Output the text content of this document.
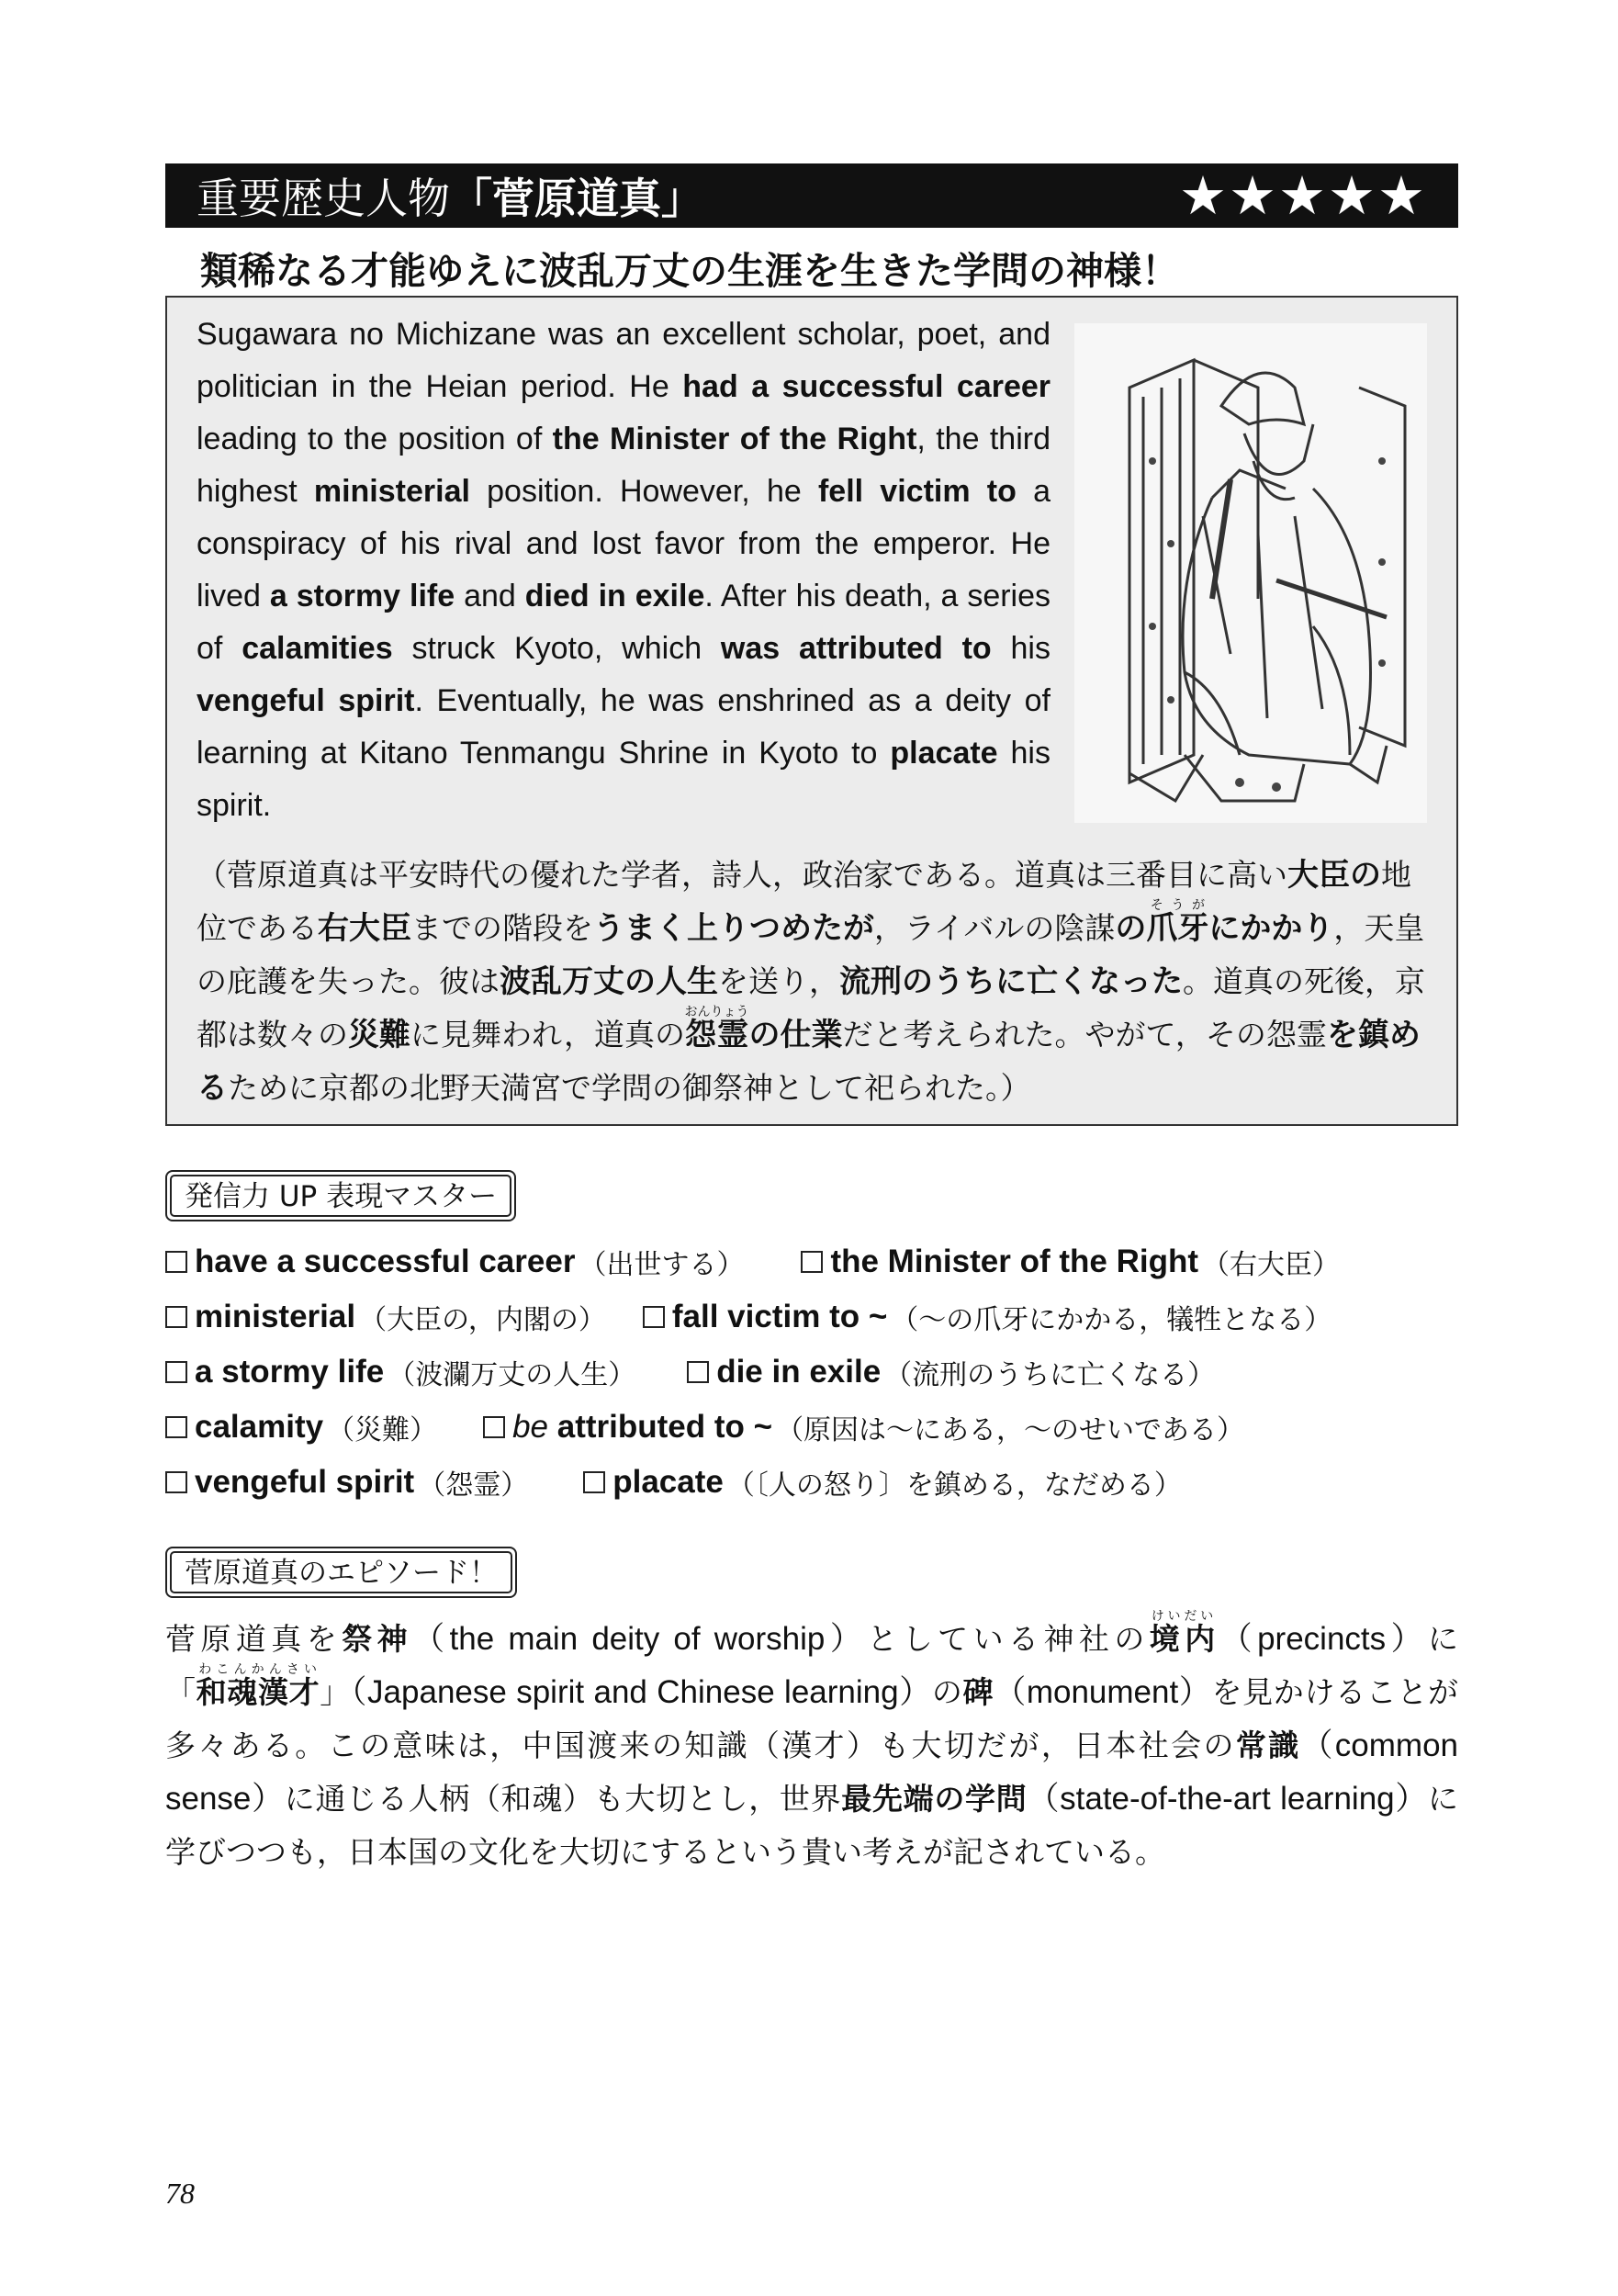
重要歴史人物「菅原道真」	★★★★★
類稀なる才能ゆえに波乱万丈の生涯を生きた学問の神様！

Sugawara no Michizane was an excellent scholar, poet, and politician in the Heian period. He had a successful career leading to the position of the Minister of the Right, the third highest ministerial position. However, he fell victim to a conspiracy of his rival and lost favor from the emperor. He lived a stormy life and died in exile. After his death, a series of calamities struck Kyoto, which was attributed to his vengeful spirit. Eventually, he was enshrined as a deity of learning at Kitano Tenmangu Shrine in Kyoto to placate his spirit.

（菅原道真は平安時代の優れた学者，詩人，政治家である。道真は三番目に高い大臣の地位である右大臣までの階段をうまく上りつめたが，ライバルの陰謀の爪牙そうがにかかり，天皇の庇護を失った。彼は波乱万丈の人生を送り，流刑のうちに亡くなった。道真の死後，京都は数々の災難に見舞われ，道真の怨霊おんりょうの仕業だと考えられた。やがて，その怨霊を鎮めるために京都の北野天満宮で学問の御祭神として祀られた。）

発信力 UP 表現マスター
have a successful career （出世する）	the Minister of the Right （右大臣）
ministerial （大臣の，内閣の） fall victim to ~ （～の爪牙にかかる，犠牲となる）
a stormy life （波瀾万丈の人生）	die in exile （流刑のうちに亡くなる）
calamity （災難） be attributed to ~ （原因は～にある，～のせいである）
vengeful spirit （怨霊）	placate （〔人の怒り〕を鎮める，なだめる）
菅原道真のエピソード！

菅原道真を祭神（the main deity of worship）としている神社の境内けいだい（precincts）に「和魂漢才わこんかんさい」（Japanese spirit and Chinese learning）の碑（monument）を見かけることが多々ある。この意味は，中国渡来の知識（漢才）も大切だが，日本社会の常識（common sense）に通じる人柄（和魂）も大切とし，世界最先端の学問（state-of-the-art learning）に学びつつも，日本国の文化を大切にするという貴い考えが記されている。

78
